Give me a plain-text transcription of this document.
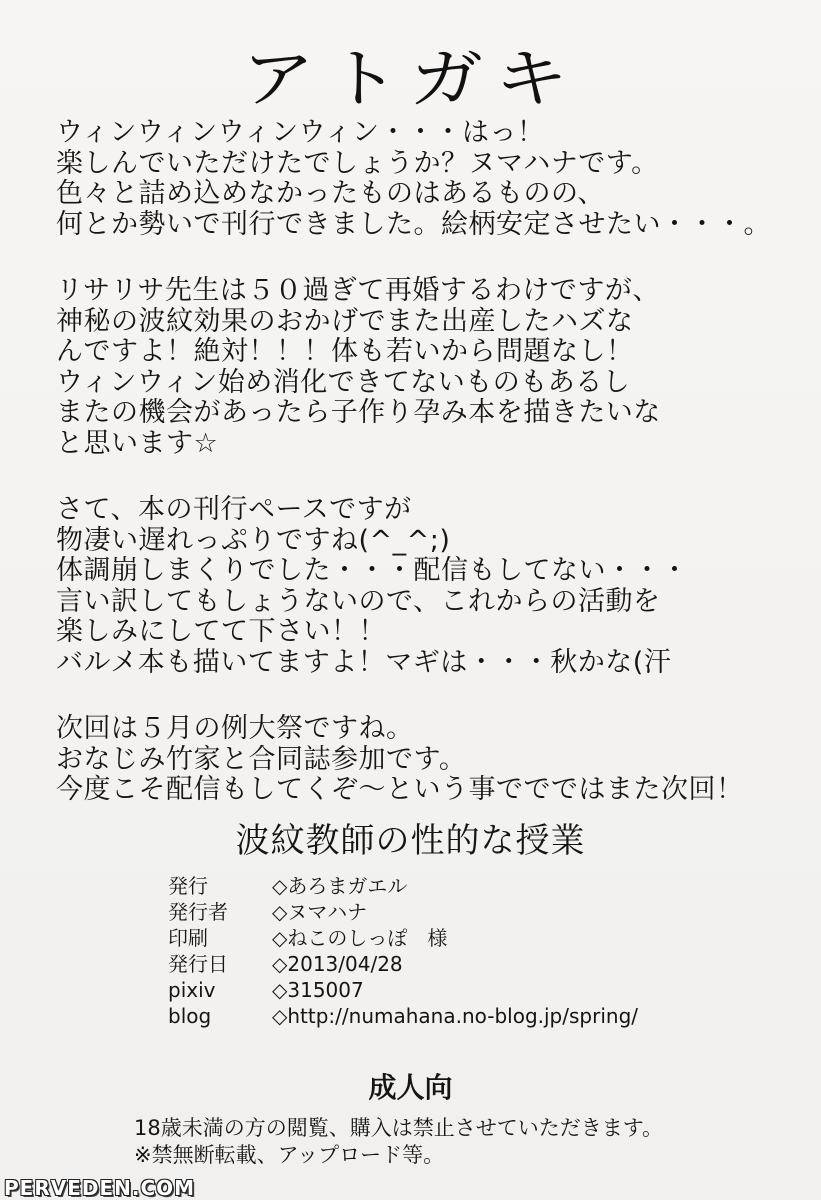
アトガキ
ウィンウィンウィンウィン・・・はっ！
楽しんでいただけたでしょうか？ヌマハナです。
色々と詰め込めなかったものはあるものの、
何とか勢いで刊行できました。絵柄安定させたい・・・。
リサリサ先生は５０過ぎて再婚するわけですが、
神秘の波紋効果のおかげでまた出産したハズな
んですよ！絶対！！！体も若いから問題なし！
ウィンウィン始め消化できてないものもあるし
またの機会があったら子作り孕み本を描きたいな
と思います☆
さて、本の刊行ペースですが
物凄い遅れっぷりですね(^_^;)
体調崩しまくりでした・・・配信もしてない・・・
言い訳してもしょうないので、これからの活動を
楽しみにしてて下さい！！
バルメ本も描いてますよ！マギは・・・秋かな(汗
次回は５月の例大祭ですね。
おなじみ竹家と合同誌参加です。
今度こそ配信もしてくぞ～という事ででではまた次回！
波紋教師の性的な授業
発行	◇あろまガエル
発行者	◇ヌマハナ
印刷	◇ねこのしっぽ　様
発行日	◇2013/04/28
pixiv	◇315007
blog	◇http://numahana.no-blog.jp/spring/
成人向
18歳未満の方の閲覧、購入は禁止させていただきます。
※禁無断転載、アップロード等。
PERVEDEN.COM
